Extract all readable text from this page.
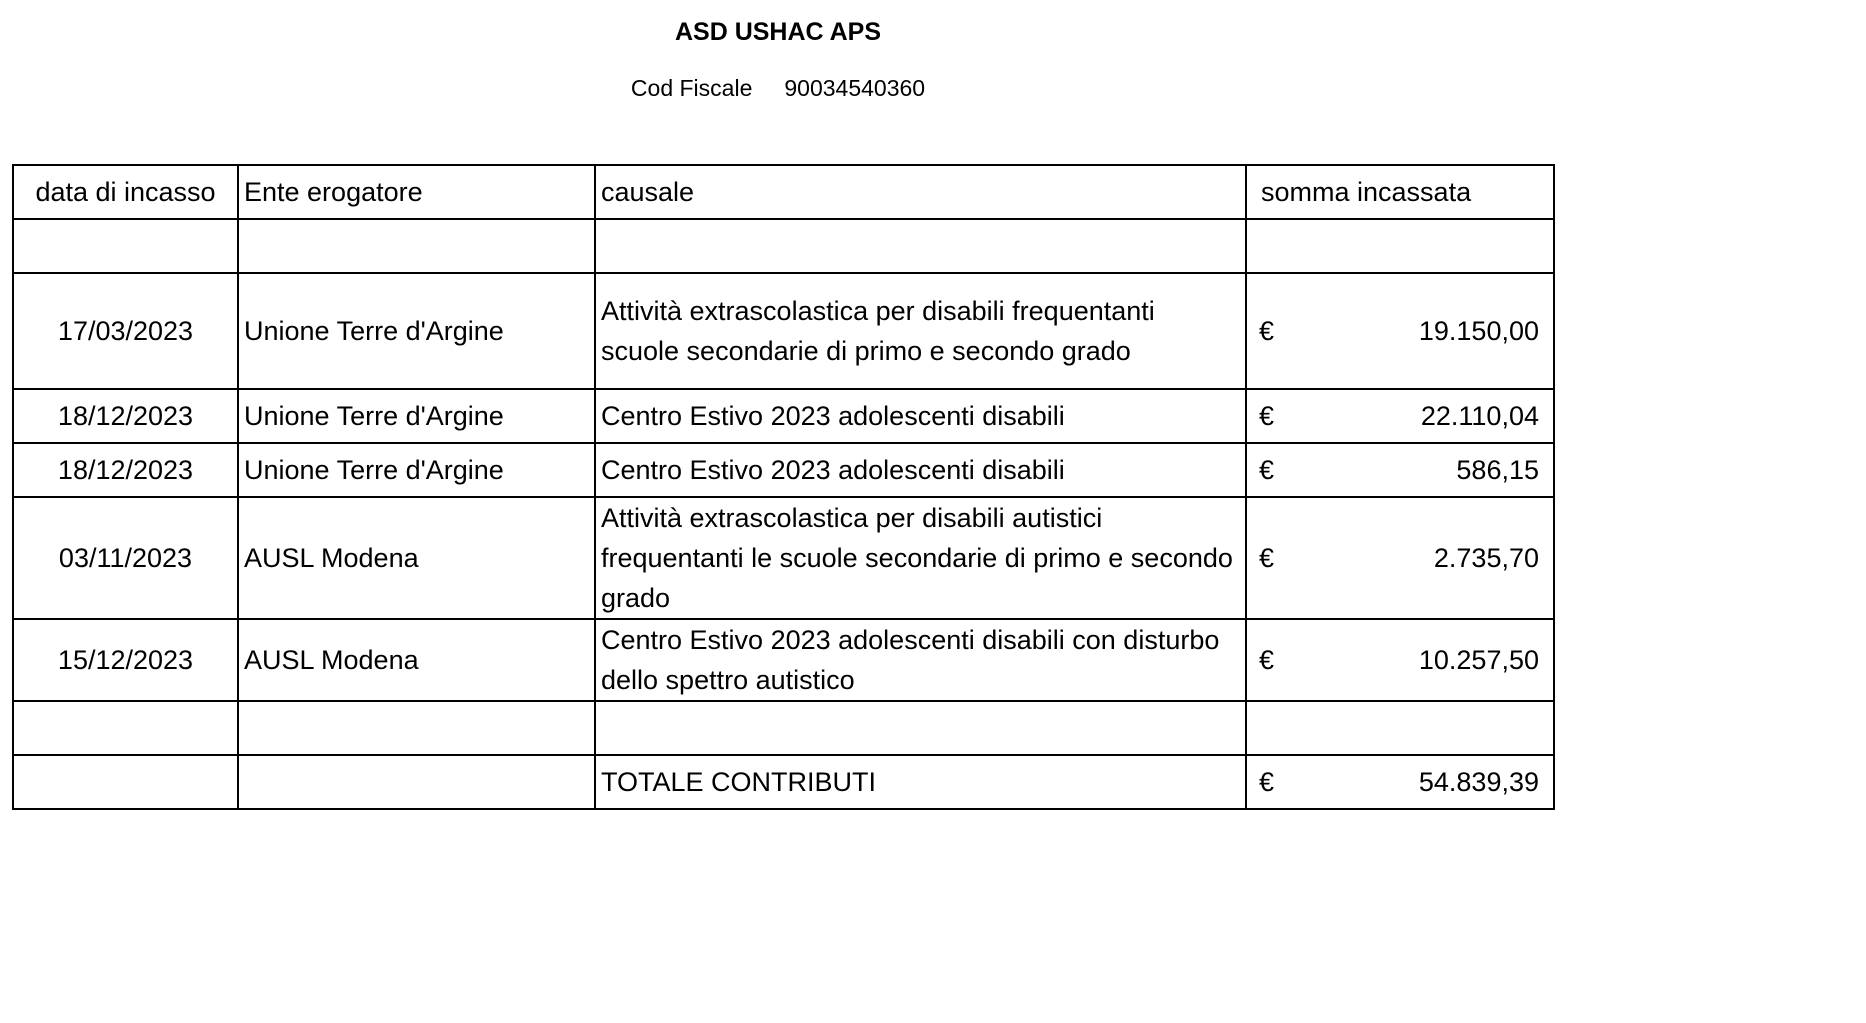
ASD USHAC APS
Cod Fiscale 90034540360
data di incasso	Ente erogatore	causale	somma incassata

17/03/2023	Unione Terre d'Argine	Attività extrascolastica per disabili frequentanti scuole secondarie di primo e secondo grado	€ 19.150,00

18/12/2023	Unione Terre d'Argine	Centro Estivo 2023 adolescenti disabili	€ 22.110,04

18/12/2023	Unione Terre d'Argine	Centro Estivo 2023 adolescenti disabili	€ 586,15

03/11/2023	AUSL Modena	Attività extrascolastica per disabili autistici frequentanti le scuole secondarie di primo e secondo grado	€ 2.735,70

15/12/2023	AUSL Modena	Centro Estivo 2023 adolescenti disabili con disturbo dello spettro autistico	€ 10.257,50

		TOTALE CONTRIBUTI	€ 54.839,39
